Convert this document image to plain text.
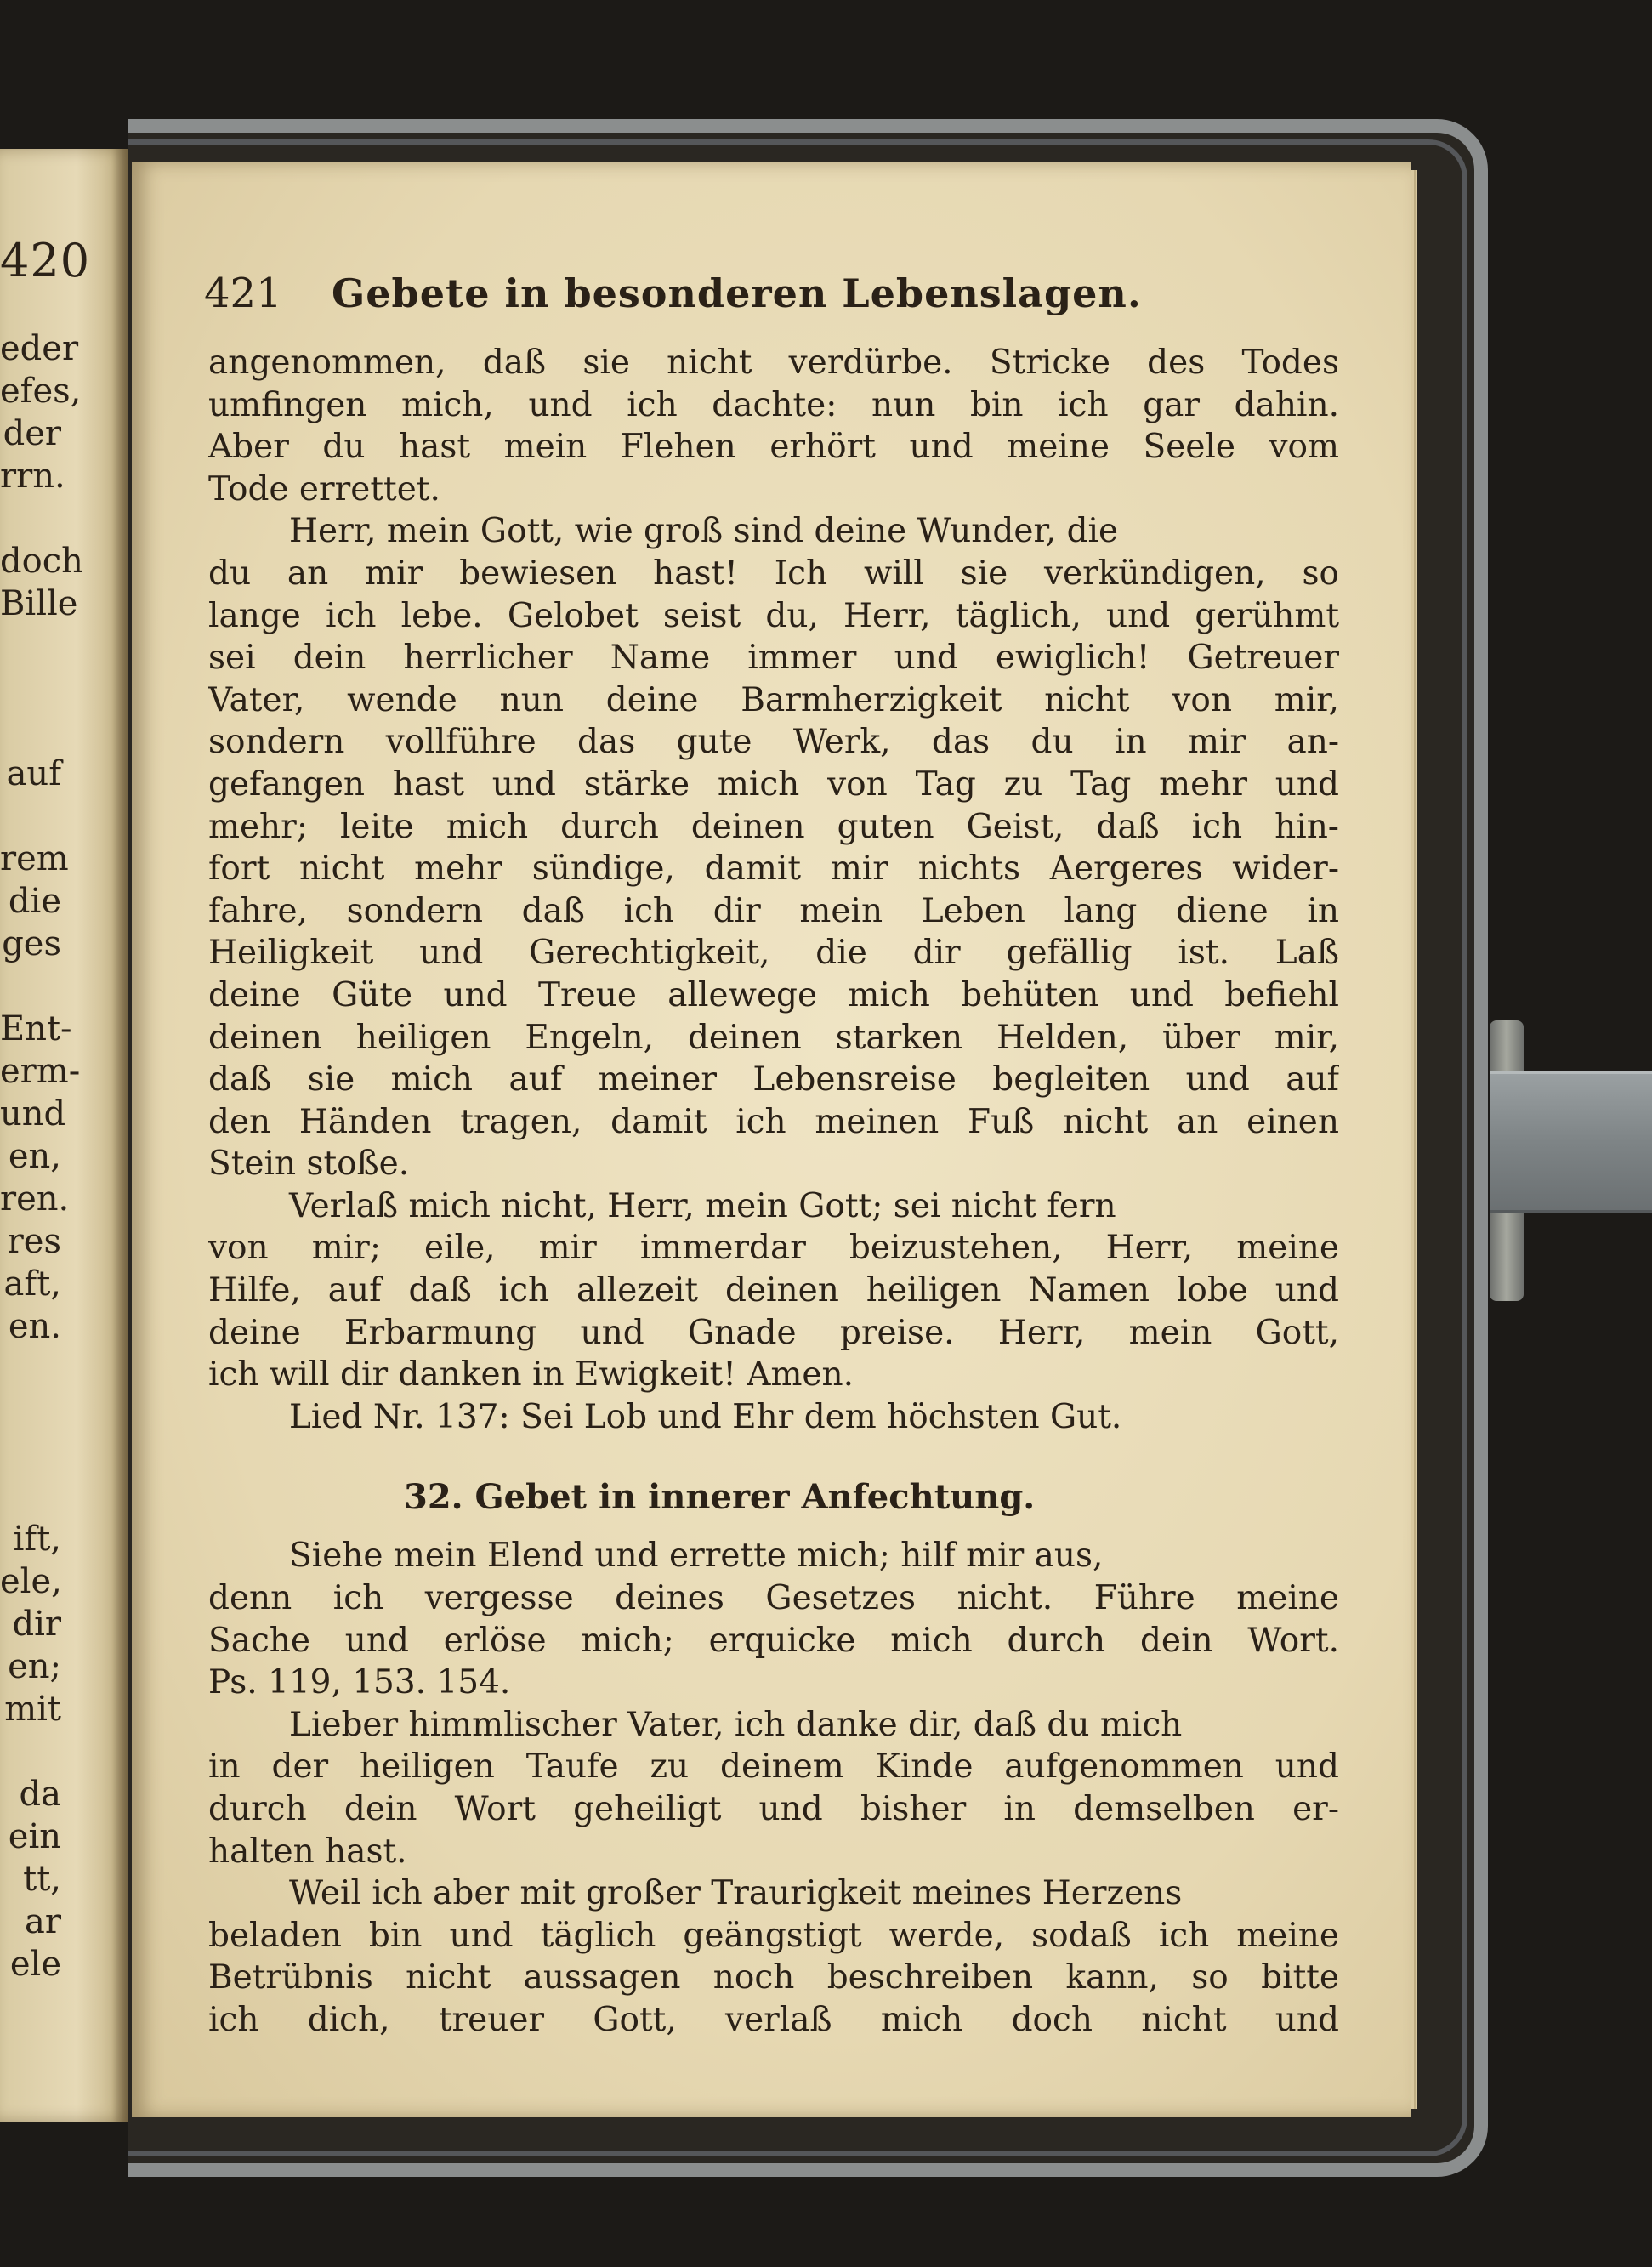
420
eder
efes,
der
rrn.
doch
Bille
auf
rem
die
ges
Ent-
erm-
und
en,
ren.
res
aft,
en.
ift,
ele,
dir
en;
mit
da
ein
tt,
ar
ele
421 Gebete in besonderen Lebenslagen.
angenommen, daß sie nicht verdürbe. Stricke des Todes
umfingen mich, und ich dachte: nun bin ich gar dahin.
Aber du hast mein Flehen erhört und meine Seele vom
Tode errettet.
Herr, mein Gott, wie groß sind deine Wunder, die
du an mir bewiesen hast! Ich will sie verkündigen, so
lange ich lebe. Gelobet seist du, Herr, täglich, und gerühmt
sei dein herrlicher Name immer und ewiglich! Getreuer
Vater, wende nun deine Barmherzigkeit nicht von mir,
sondern vollführe das gute Werk, das du in mir an-
gefangen hast und stärke mich von Tag zu Tag mehr und
mehr; leite mich durch deinen guten Geist, daß ich hin-
fort nicht mehr sündige, damit mir nichts Aergeres wider-
fahre, sondern daß ich dir mein Leben lang diene in
Heiligkeit und Gerechtigkeit, die dir gefällig ist. Laß
deine Güte und Treue allewege mich behüten und befiehl
deinen heiligen Engeln, deinen starken Helden, über mir,
daß sie mich auf meiner Lebensreise begleiten und auf
den Händen tragen, damit ich meinen Fuß nicht an einen
Stein stoße.
Verlaß mich nicht, Herr, mein Gott; sei nicht fern
von mir; eile, mir immerdar beizustehen, Herr, meine
Hilfe, auf daß ich allezeit deinen heiligen Namen lobe und
deine Erbarmung und Gnade preise. Herr, mein Gott,
ich will dir danken in Ewigkeit! Amen.
Lied Nr. 137: Sei Lob und Ehr dem höchsten Gut.
32. Gebet in innerer Anfechtung.
Siehe mein Elend und errette mich; hilf mir aus,
denn ich vergesse deines Gesetzes nicht. Führe meine
Sache und erlöse mich; erquicke mich durch dein Wort.
Ps. 119, 153. 154.
Lieber himmlischer Vater, ich danke dir, daß du mich
in der heiligen Taufe zu deinem Kinde aufgenommen und
durch dein Wort geheiligt und bisher in demselben er-
halten hast.
Weil ich aber mit großer Traurigkeit meines Herzens
beladen bin und täglich geängstigt werde, sodaß ich meine
Betrübnis nicht aussagen noch beschreiben kann, so bitte
ich dich, treuer Gott, verlaß mich doch nicht und
